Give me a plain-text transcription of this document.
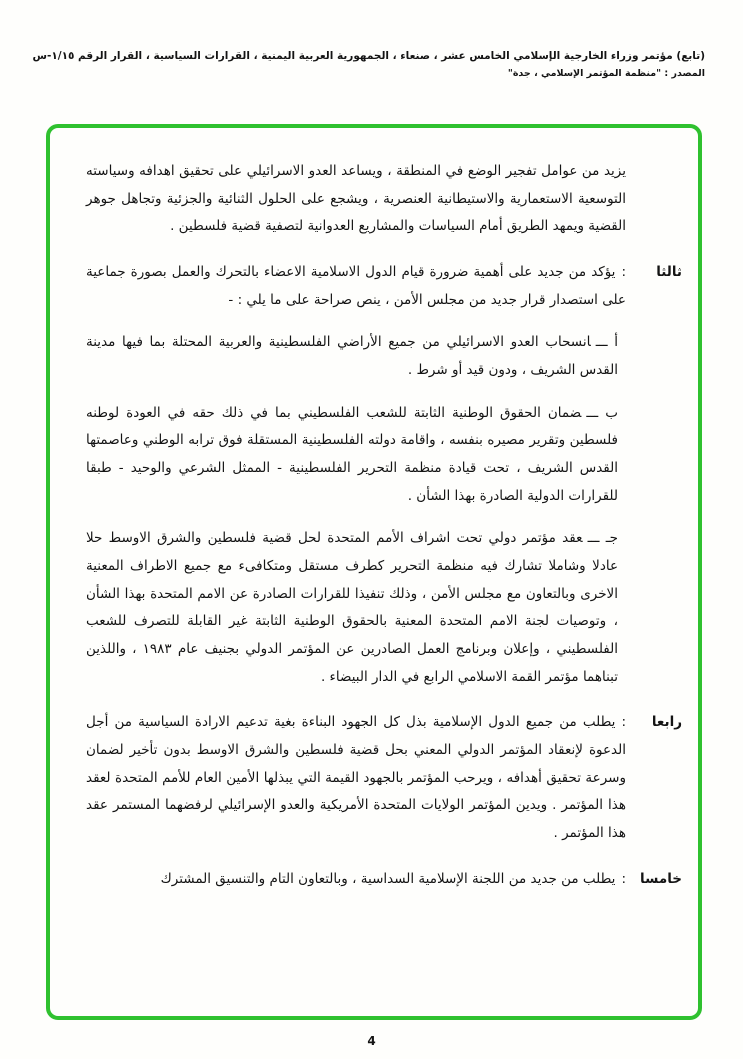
(تابع) مؤتمر وزراء الخارجية الإسلامي الخامس عشر ، صنعاء ، الجمهورية العربية اليمنية ، القرارات السياسية ، القرار الرقم ١/١٥-س
المصدر : "منظمة المؤتمر الإسلامي ، جدة"

يزيد من عوامل تفجير الوضع في المنطقة ، ويساعد العدو الاسرائيلي على تحقيق اهدافه وسياسته التوسعية الاستعمارية والاستيطانية العنصرية ، ويشجع على الحلول الثنائية والجزئية وتجاهل جوهر القضية ويمهد الطريق أمام السياسات والمشاريع العدوانية لتصفية قضية فلسطين .

ثالثا
:يؤكد من جديد على أهمية ضرورة قيام الدول الاسلامية الاعضاء بالتحرك والعمل بصورة جماعية على استصدار قرار جديد من مجلس الأمن ، ينص صراحة على ما يلي : -

أ ـــانسحاب العدو الاسرائيلي من جميع الأراضي الفلسطينية والعربية المحتلة بما فيها مدينة القدس الشريف ، ودون قيد أو شرط .

ب ـــضمان الحقوق الوطنية الثابتة للشعب الفلسطيني بما في ذلك حقه في العودة لوطنه فلسطين وتقرير مصيره بنفسه ، واقامة دولته الفلسطينية المستقلة فوق ترابه الوطني وعاصمتها القدس الشريف ، تحت قيادة منظمة التحرير الفلسطينية - الممثل الشرعي والوحيد - طبقا للقرارات الدولية الصادرة بهذا الشأن .

جـ ـــعقد مؤتمر دولي تحت اشراف الأمم المتحدة لحل قضية فلسطين والشرق الاوسط حلا عادلا وشاملا تشارك فيه منظمة التحرير كطرف مستقل ومتكافىء مع جميع الاطراف المعنية الاخرى وبالتعاون مع مجلس الأمن ، وذلك تنفيذا للقرارات الصادرة عن الامم المتحدة بهذا الشأن ، وتوصيات لجنة الامم المتحدة المعنية بالحقوق الوطنية الثابتة غير القابلة للتصرف للشعب الفلسطيني ، وإعلان وبرنامج العمل الصادرين عن المؤتمر الدولي بجنيف عام ١٩٨٣ ، واللذين تبناهما مؤتمر القمة الاسلامي الرابع في الدار البيضاء .

رابعا
:يطلب من جميع الدول الإسلامية بذل كل الجهود البناءة بغية تدعيم الارادة السياسية من أجل الدعوة لإنعقاد المؤتمر الدولي المعني بحل قضية فلسطين والشرق الاوسط بدون تأخير لضمان وسرعة تحقيق أهدافه ، ويرحب المؤتمر بالجهود القيمة التي يبذلها الأمين العام للأمم المتحدة لعقد هذا المؤتمر . ويدين المؤتمر الولايات المتحدة الأمريكية والعدو الإسرائيلي لرفضهما المستمر عقد هذا المؤتمر .
خامسا
:يطلب من جديد من اللجنة الإسلامية السداسية ، وبالتعاون التام والتنسيق المشترك
4
